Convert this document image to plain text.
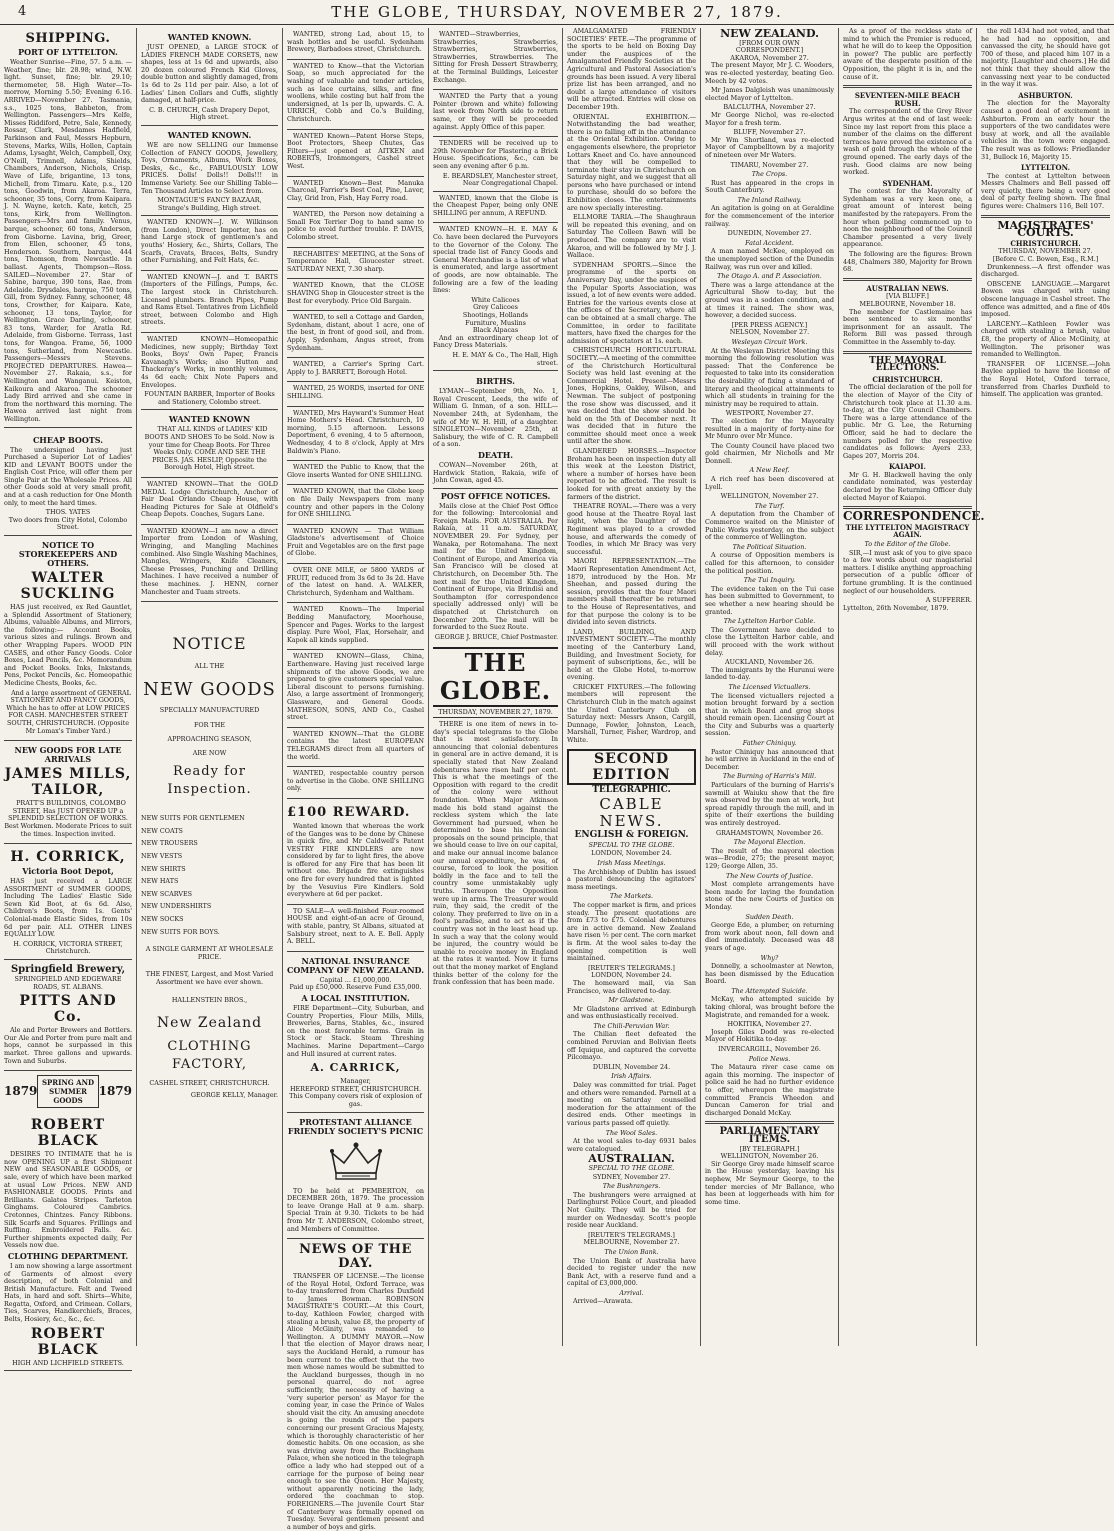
4	THE GLOBE, THURSDAY, NOVEMBER 27, 1879.
SHIPPING.
PORT OF LYTTELTON.

Weather Sunrise—Fine, 57. 5 a.m. —Weather, fine; blr. 28.98; wind, N.W. light. Sunset, fine; blr. 29.10; thermometer, 58. High Water—To-morrow, Morning 5.50; Evening 6.16. ARRIVED—November 27. Tasmania, s.s., 1025 tons, Babbeton, from Wellington. Passengers—Mrs Kelfe, Misses Riddiford, Petre, Sale, Kennedy, Rossar, Clark, Mesdames Hadfield, Parkinson and Faul, Messrs Hepburn, Stevens, Marks, Wills, Hollen, Captain Adams, Lysaght, Welch, Campbell, Oxy, O'Neill, Trimnell, Adams, Shields, Chambers, Anderson, Nichols, Crisp. Wave of Life, brigantine, 13 tons, Michell, from Timaru. Kate, p.s., 120 tons, Goodwin, from Akaroa. Terra, schooner, 35 tons, Corry, from Kaipara. J. N. Wayne, ketch. Kate, ketch, 25 tons, Kirk, from Wellington. Passengers—Mrs and family. Venus, barque, schooner, 60 tons, Anderson, from Gisborne. Lavina, brig, Greer, from Ellen, schooner, 45 tons, Henderson. Southern, barque, 444 tons, Thomson, from Newcastle. In ballast. Agents, Thompson—Ross. SAILED—November 27. Star of Sabine, barque, 390 tons, Rae, from Adelaide. Drysdales, barque, 750 tons, Gill, from Sydney. Fanny, schooner, 48 tons, Crowther, for Kaipara. Kate, schooner, 13 tons, Taylor, for Wellington. Grace Darling, schooner, 83 tons, Warder, for Aratla Rd. Adelaide, from Gisborne. Terrass, 1ast tons, for Wangoa. Frame, 56, 1000 tons, Sutherland, from Newcastle. Passengers—Messrs Stevens. PROJECTED DEPARTURES. Hawea—November 27. Rakaia, s.s., for Wellington and Wanganui. Keiston, Kaikoura and Akaroa. The schooner Lady Bird arrived and she came in from the northward this morning. The Hawea arrived last night from Wellington.

CHEAP BOOTS.

The undersigned having just Purchased a Superior Lot of Ladies' KID and LEVANT BOOTS under the English Cost Price, will offer them per Single Pair at the Wholesale Prices. All other Goods sold at very small profit, and at a cash reduction for One Month only, to meet the hard times.

THOS. YATES
Two doors from City Hotel, Colombo Street.
NOTICE TO STOREKEEPERS AND OTHERS.
WALTER SUCKLING

HAS just received, ex Red Gauntlet, a Splendid Assortment of Stationery, Albums, valuable Albums, and Mirrors, the following:— Account Books, various sizes and rulings. Brown and other Wrapping Papers. WOOD PIN CASES, and other Fancy Goods. Color Boxes, Lead Pencils, &c. Memorandum and Pocket Books. Inks, Inkstands, Pens, Pocket Pencils, &c. Homeopathic Medicine Chests, Books, &c.

And a large assortment of GENERAL STATIONERY AND FANCY GOODS, Which he has to offer at LOW PRICES FOR CASH. MANCHESTER STREET SOUTH, CHRISTCHURCH. (Opposite Mr Lomax's Timber Yard.)

NEW GOODS FOR LATE ARRIVALS
JAMES MILLS, TAILOR,

PRATT'S BUILDINGS, COLOMBO STREET, Has JUST OPENED UP a SPLENDID SELECTION OF WORKS. Best Workmen. Moderate Prices to suit the times. Inspection invited.

H. CORRICK,
Victoria Boot Depot,

HAS just received a LARGE ASSORTMENT of SUMMER GOODS, Including The Ladies' Elastic Side Sewn Kid Boot, at 6s 6d. Also, Children's Boots, from 1s. Gents' Colonial-made Elastic Sides, from 10s 6d per pair. ALL OTHER LINES EQUALLY LOW.

H. CORRICK, VICTORIA STREET, Christchurch.
Springfield Brewery,
SPRINGFIELD AND EDGEWARE ROADS, ST. ALBANS.
PITTS AND Co.

Ale and Porter Brewers and Bottlers. Our Ale and Porter from pure malt and hops, cannot be surpassed in this market. Three gallons and upwards. Town and Suburbs.

1879
SPRING AND SUMMER GOODS
1879
ROBERT BLACK

DESIRES TO INTIMATE that he is now OPENING UP a first Shipment NEW and SEASONABLE GOODS, or sale, every of which have been marked at usual Low Prices. NEW AND FASHIONABLE GOODS. Prints and Brilliants. Galatea Stripes. Tarleton Ginghams. Coloured Cambrics. Cretonnes, Chintzes. Fancy Ribbons. Silk Scarfs and Squares. Frillings and Ruffling. Embroidered Falls. &c. Further shipments expected daily, Per Vessels now due.

CLOTHING DEPARTMENT.

I am now showing a large assortment of Garments of almost every description, of both Colonial and British Manufacture. Felt and Tweed Hats, in hard and soft. Shirts—White, Regatta, Oxford, and Crimean. Collars, Ties, Scarves, Handkerchiefs, Braces, Belts, Hosiery, &c., &c., &c.

ROBERT BLACK
HIGH AND LICHFIELD STREETS.
WANTED KNOWN.

JUST OPENED, a LARGE STOCK of LADIES FRENCH MADE CORSETS, new shapes, less at 1s 6d and upwards, also 20 dozen coloured French Kid Gloves, double button and slightly damaged, from 1s 6d to 2s 11d per pair. Also, a lot of Ladies' Linen Collars and Cuffs, slightly damaged, at half-price.

C. B. CHURCH, Cash Drapery Depot, High street.
WANTED KNOWN.

WE are now SELLING our Immense Collection of FANCY GOODS, Jewellery, Toys, Ornaments, Albums, Work Boxes, Desks, &c., &c., FABULOUSLY LOW PRICES. Dolls! Dolls!! Dolls!!! in Immense Variety. See our Shilling Table—Ten Thousand Articles to Select from.

MONTAGUE'S FANCY BAZAAR, Strange's Building, High street.

WANTED KNOWN—J. W. Wilkinson (from London), Direct Importer, has on hand Large stock of gentlemen's and youths' Hosiery, &c., Shirts, Collars, The Scarfs, Cravats, Braces, Belts, Sundry other Furnishing, and Felt Hats, &c.

WANTED KNOWN—J. and T. BARTS (Importers of the Fillings, Pumps, &c. The largest stock in Christchurch. Licensed plumbers. Branch Pipes, Pump and Rams Etsel. Tentatives from Lichfield street, between Colombo and High streets.

WANTED KNOWN—Homeopathic Medicines, new supply; Birthday Text Books, Boys' Own Paper, Francis Kavanagh's Works; also Hutton and Thackeray's Works, in monthly volumes, 4s 6d each; Chix Note Papers and Envelopes.

FOUNTAIN BARBER, Importer of Books and Stationery, Colombo street.
WANTED KNOWN

THAT ALL KINDS of LADIES' KID BOOTS AND SHOES To be Sold. Now is your time for Cheap Boots. For Three Weeks Only. COME AND SEE THE PRICES. JAS. HESLIP, Opposite the Borough Hotel, High street.

WANTED KNOWN—That the GOLD MEDAL Lodge Christchurch, Anchor of Fair Deal Orlando Cheap House, with Heading Pictures for Sale at Oldfield's Cheap Depots. Coaches, Sugars Lane.

WANTED KNOWN—I am now a direct Importer from London of Washing, Wringing, and Mangling Machines combined. Also Single Washing Machines, Mangles, Wringers, Knife Cleaners, Cheese Presses, Punching and Drilling Machines. I have received a number of these machines. J. HENN, corner Manchester and Tuam streets.

NOTICE
ALL THE
NEW GOODS
SPECIALLY MANUFACTURED
FOR THE
APPROACHING SEASON,
ARE NOW
Ready for Inspection.
NEW SUITS FOR GENTLEMEN
NEW COATS
NEW TROUSERS
NEW VESTS
NEW SHIRTS
NEW HATS
NEW SCARVES
NEW UNDERSHIRTS
NEW SOCKS
NEW SUITS FOR BOYS.
A SINGLE GARMENT AT WHOLESALE PRICE.
THE FINEST, Largest, and Most Varied Assortment we have ever shown.
HALLENSTEIN BROS.,
New Zealand
CLOTHING FACTORY,
CASHEL STREET, CHRISTCHURCH.
GEORGE KELLY, Manager.

WANTED, strong Lad, about 15, to wash bottles and be useful. Sydenham Brewery, Barbadoes street, Christchurch.

WANTED to Know—that the Victorian Soap, so much appreciated for the washing of valuable and tender articles, such as lace curtains, silks, and fine woollens, while costing but half from the undersigned, at 1s per lb, upwards. C. A. URRICH, Cobb and Co.'s Building, Christchurch.

WANTED Known—Patent Horse Steps, Boot Protectors, Sheep Chutes, Gas Filters—just opened at AITKEN and ROBERTS, Ironmongers, Cashel street West.

WANTED Known—Best Manuka Charcoal, Farrier's Best Coal, Pine, Laver, Clay, Grid Iron, Fish, Hay Ferry road.

WANTED, the Person now detaining a Small Fox Terrier Dog to hand same to police to avoid further trouble. P. DAVIS, Colombo street.

RECHABITES' MEETING, at the Sons of Temperance Hall, Gloucester street. SATURDAY NEXT, 7.30 sharp.

WANTED Known, that the CLOSE SHAVING Shop in Gloucester street is the Best for everybody. Price Old Bargain.

WANTED, to sell a Cottage and Garden, Sydenham, distant, about 1 acre, one of the best, in front of good soil, and from. Apply, Sydenham, Angus street, from Sydenham.

WANTED, a Carrier's Spring Cart. Apply to J. BARRETT, Borough Hotel.

WANTED, 25 WORDS, inserted for ONE SHILLING.

WANTED, Mrs Hayward's Summer Heat Home Mothers's Head. Christchurch, 10 morning, 5.15 afternoon. Lessons Deportment, 6 evening, 4 to 5 afternoon, Wednesday, 4 to 8 o'clock, Apply at Mrs Baldwin's Piano.

WANTED the Public to Know, that the Glove inserts Wanted for ONE SHILLING.

WANTED KNOWN, that the Globe keep on file Daily Newspapers from many country and other papers in the Colony for ONE SHILLING.

WANTED KNOWN — That William Gladstone's advertisement of Choice Fruit and Vegetables are on the first page of Globe.

OVER ONE MILE, or 5800 YARDS of FRUIT, reduced from 3s 6d to 3s 2d. Have of the latest on hand. A. WALKER, Christchurch, Sydenham and Waltham.

WANTED Known—The Imperial Bedding Manufactory, Moorhouse, Spencer and Pages. Works to the largest display. Pure Wool, Flax, Horsehair, and Kapok all kinds supplied.

WANTED KNOWN—Glass, China, Earthenware. Having just received large shipments of the above Goods, we are prepared to give customers special value. Liberal discount to persons furnishing. Also, a large assortment of Ironmongery, Glassware, and General Goods. MATHESON, SONS, AND Co., Cashel street.

WANTED KNOWN—That the GLOBE contains the latest EUROPEAN TELEGRAMS direct from all quarters of the world.

WANTED, respectable country person to advertise in the Globe. ONE SHILLING only.

£100 REWARD.

Wanted known that whereas the work of the Ganges was to be done by Chinese in quick fire, and Mr Caldwell's Patent VESTRY FIRE KINDLERS are now considered by far to light fires, the above is offered for any Fire that has been lit without one. Brigade fire extinguishes one fire for every hundred that is lighted by the Vesuvius Fire Kindlers. Sold everywhere at 6d per packet.

TO SALE—A well-finished Four-roomed HOUSE and eight-of-an acre of Ground, with stable, pantry, St Albans, situated at Salsbury street, next to A. E. Bell. Apply A. BELL.

NATIONAL INSURANCE COMPANY OF NEW ZEALAND.
Capital ... £1,000,000.
Paid up £50,000. Reserve Fund £35,000.
A LOCAL INSTITUTION.

FIRE Department—City, Suburban, and Country Properties, Flour Mills, Mills, Breweries, Barns, Stables, &c., insured on the most favorable terms. Grain in Stock or Stack. Steam Threshing Machines. Marine Department—Cargo and Hull insured at current rates.

A. CARRICK,
Manager,
HEREFORD STREET, CHRISTCHURCH.
This Company covers risk of explosion of gas.
PROTESTANT ALLIANCE FRIENDLY SOCIETY'S PICNIC

TO be held at PEMBERTON, on DECEMBER 26th, 1879. The procession to leave Orange Hall at 9 a.m. sharp. Special Train at 9.30. Tickets to be had from Mr T. ANDERSON, Colombo street, and Members of Committee.

NEWS OF THE DAY.

TRANSFER OF LICENSE.—The license of the Royal Hotel, Oxford Terrace, was to-day transferred from Charles Duxfield to James Bowman. ROBINSON MAGISTRATE'S COURT.—At this Court, to-day, Kathleen Fowler, charged with stealing a brush, value £8, the property of Alice McGinity, was remanded to Wellington. A DUMMY MAYOR.—Now that the election of Mayor draws near, says the Auckland Herald, a rumour has been current to the effect that the two men whose names would be submitted to the Auckland burgesses, though in no personal quarrel, do not agree sufficiently, the necessity of having a 'very superior person' as Mayor for the coming year, in case the Prince of Wales should visit the city. An amusing anecdote is going the rounds of the papers concerning our present Gracious Majesty, which is thoroughly characteristic of her domestic habits. On one occasion, as she was driving away from the Buckingham Palace, when she noticed in the telegraph office a lady who had stepped out of a carriage for the purpose of being near enough to see the Queen. Her Majesty, without apparently noticing the lady, ordered the coachman to stop. FOREIGNERS.—The juvenile Court Star of Canterbury was formally opened on Tuesday. Several gentlemen present and a number of boys and girls.

WANTED—Strawberries, Strawberries, Strawberries, Strawberries, Strawberries, Strawberries, Strawberries. The Sitting for Fresh Dessert Strawberry, at the Terminal Buildings, Leicester Exchange.

WANTED the Party that a young Pointer (brown and white) following last week from North side to return same, or they will be proceeded against. Apply Office of this paper.

TENDERS will be received up to 29th November for Plastering a Brick House. Specifications, &c., can be seen any evening after 6 p.m.

E. BEARDSLEY, Manchester street, Near Congregational Chapel.

WANTED, known that the Globe is the Cheapest Paper, being only ONE SHILLING per annum, A REFUND.

WANTED KNOWN—H. E. MAY & Co. have been declared the Purveyors to the Governor of the Colony. The special trade list of Fancy Goods and General Merchandise is a list of what is enumerated, and large assortment of goods, are now obtainable. The following are a few of the leading lines:

White Calicoes
Grey Calicoes
Shootings, Hollands
Furniture, Muslins
Black Alpacas

And an extraordinary cheap lot of Fancy Dress Materials.

H. E. MAY & Co., The Hall, High street.
BIRTHS.

LYMAN—September 9th, No. 1, Royal Crescent, Leeds, the wife of William G. Inman, of a son. HILL—November 24th, at Sydenham, the wife of Mr W. H. Hill, of a daughter. SINGLETON—November 25th, at Salisbury, the wife of C. R. Campbell of a son.

DEATH.

COWAN—November 26th, at Hardwick Station, Rakaia, wife of John Cowan, aged 45.

POST OFFICE NOTICES.

Mails close at the Chief Post Office for the following: Intercolonial and Foreign Mails. FOR AUSTRALIA. Per Rakaia, at 11 a.m. SATURDAY, NOVEMBER 29. For Sydney, per Wanaka, per Rotomahana. The next mail for the United Kingdom, Continent of Europe, and America via San Francisco will be closed at Christchurch, on December 5th. The next mail for the United Kingdom, Continent of Europe, via Brindisi and Southampton (for correspondence specially addressed only) will be dispatched at Christchurch on December 20th. The mail will be forwarded to the Suez Route.

GEORGE J. BRUCE, Chief Postmaster.
THE GLOBE.
THURSDAY, NOVEMBER 27, 1879.

THERE is one item of news in to-day's special telegrams to the Globe that is most satisfactory. In announcing that colonial debentures in general are in active demand, it is specially stated that New Zealand debentures have risen half per cent. This is what the meetings of the Opposition with regard to the credit of the colony were without foundation. When Major Atkinson made his bold stand against the reckless system which the late Government had pursued, when he determined to base his financial proposals on the sound principle, that we should cease to live on our capital, and make our annual income balance our annual expenditure, he was, of course, forced to look the position boldly in the face and to tell the country some unmistakably ugly truths. Thereupon the Opposition were up in arms. The Treasurer would ruin, they said, the credit of the colony. They preferred to live on in a fool's paradise, and to act as if the country was not in the least head up. In such a way that the colony would be injured, the country would be unable to receive money in England at the rates it wanted. Now it turns out that the money market of England thinks better of the colony for the frank confession that has been made.

AMALGAMATED FRIENDLY SOCIETIES' FETE.—The programme of the sports to be held on Boxing Day under the auspices of the Amalgamated Friendly Societies at the Agricultural and Pastoral Association's grounds has been issued. A very liberal prize list has been arranged, and no doubt a large attendance of visitors will be attracted. Entries will close on December 19th.

ORIENTAL EXHIBITION.—Notwithstanding the bad weather, there is no falling off in the attendance at the Oriental Exhibition. Owing to engagements elsewhere, the proprietor Lottars Kneet and Co. have announced that they will be compelled to terminate their stay in Christchurch on Saturday night, and we suggest that all persons who have purchased or intend to purchase, should do so before the Exhibition closes. The entertainments are now specially interesting.

ELLMORE TARIA.—The Shaughraun will be repeated this evening, and on Saturday The Colleen Bawn will be produced. The company are to visit Akaroa, and will be followed by Mr J. J. Wallace.

SYDENHAM SPORTS.—Since the programme of the sports on Anniversary Day, under the auspices of the Popular Sports Association, was issued, a lot of new events were added. Entries for the various events close at the offices of the Secretary, where all can be obtained at a small charge. The Committee, in order to facilitate matters, have fixed the charges for the admission of spectators at 1s. each.

CHRISTCHURCH HORTICULTURAL SOCIETY.—A meeting of the committee of the Christchurch Horticultural Society was held last evening at the Commercial Hotel. Present—Messrs Jones, Hopkins, Oakley, Wilson, and Newman. The subject of postponing the rose show was discussed, and it was decided that the show should be held on the 5th of December next. It was decided that in future the committee should meet once a week until after the show.

GLANDERED HORSES.—Inspector Broham has been on inspection duty all this week at the Leeston District, where a number of horses have been reported to be affected. The result is looked for with great anxiety by the farmers of the district.

THEATRE ROYAL.—There was a very good house at the Theatre Royal last night, when the Daughter of the Regiment was played to a crowded house, and afterwards the comedy of Toodles, in which Mr Bracy was very successful.

MAORI REPRESENTATION.—The Maori Representation Amendment Act, 1879, introduced by the Hon. Mr Sheehan, and passed during the session, provides that the four Maori members shall thereafter be returned to the House of Representatives, and for that purpose the colony is to be divided into seven districts.

LAND, BUILDING, AND INVESTMENT SOCIETY.—The monthly meeting of the Canterbury Land, Building, and Investment Society, for payment of subscriptions, &c., will be held at the Globe Hotel, to-morrow evening.

CRICKET FIXTURES.—The following members will represent the Christchurch Club in the match against the United Canterbury Club on Saturday next: Messrs Anson, Cargill, Dunnage, Fowler, Johnston, Leach, Marshall, Turner, Fisher, Wardrop, and White.

SECOND EDITION
TELEGRAPHIC.
CABLE NEWS.
ENGLISH & FOREIGN.
SPECIAL TO THE GLOBE.
LONDON, November 24.
Irish Mass Meetings.

The Archbishop of Dublin has issued a pastoral denouncing the agitators' mass meetings.

The Markets.

The copper market is firm, and prices steady. The present quotations are from £73 to £75. Colonial debentures are in active demand. New Zealand have risen ½ per cent. The corn market is firm. At the wool sales to-day the opening competition is well maintained.

[REUTER'S TELEGRAMS.]
LONDON, November 24.

The homeward mail, via San Francisco, was delivered to-day.

Mr Gladstone.

Mr Gladstone arrived at Edinburgh and was enthusiastically received.

The Chili-Peruvian War.

The Chilian fleet defeated the combined Peruvian and Bolivian fleets off Iquique, and captured the corvette Pilcomayo.

DUBLIN, November 24.
Irish Affairs.

Daley was committed for trial. Paget and others were remanded. Parnell at a meeting on Saturday counselled moderation for the attainment of the desired ends. Other meetings in various parts passed off quietly.

The Wool Sales.

At the wool sales to-day 6931 bales were catalogued.

AUSTRALIAN.
SPECIAL TO THE GLOBE.
SYDNEY, November 27.
The Bushrangers.

The bushrangers were arraigned at Darlinghurst Police Court, and pleaded Not Guilty. They will be tried for murder on Wednesday. Scott's people reside near Auckland.

[REUTER'S TELEGRAMS.]
MELBOURNE, November 27.
The Union Bank.

The Union Bank of Australia have decided to register under the new Bank Act, with a reserve fund and a capital of £3,000,000.

Arrival.

Arrived—Arawata.

NEW ZEALAND.
[FROM OUR OWN CORRESPONDENT.]
AKAROA, November 27.

The present Mayor, Mr J. C. Wooders, was re-elected yesterday, beating Geo. Meech by 42 votes.

Mr James Dalgleish was unanimously elected Mayor of Lyttelton.

BALCLUTHA, November 27.

Mr George Nichol, was re-elected Mayor for a fresh term.

BLUFF, November 27.

Mr Wm Shortland, was re-elected Mayor of Campbelltown by a majority of nineteen over Mr Waters.

TIMARU, November 27.
The Crops.

Rust has appeared in the crops in South Canterbury.

The Inland Railway.

An agitation is going on at Geraldine for the commencement of the interior railway.

DUNEDIN, November 27.
Fatal Accident.

A man named McKee, employed on the unemployed section of the Dunedin Railway, was run over and killed.

The Otago A. and P. Association.

There was a large attendance at the Agricultural Show to-day, but the ground was in a sodden condition, and at times it rained. The show was, however, a decided success.

[PER PRESS AGENCY.]
NELSON, November 27.
Wesleyan Circuit Work.

At the Wesleyan District Meeting this morning the following resolution was passed: That the Conference be requested to take into its consideration the desirability of fixing a standard of literary and theological attainments to which all students in training for the ministry may be required to attain.

WESTPORT, November 27.

The election for the Mayoralty resulted in a majority of forty-nine for Mr Munro over Mr Munce.

The County Council have placed two gold chairmen, Mr Nicholls and Mr Donnell.

A New Reef.

A rich reef has been discovered at Lyell.

WELLINGTON, November 27.
The Turf.

A deputation from the Chamber of Commerce waited on the Minister of Public Works yesterday, on the subject of the commerce of Wellington.

The Political Situation.

A course of Opposition members is called for this afternoon, to consider the political position.

The Tui Inquiry.

The evidence taken on the Tui case has been submitted to Government, to see whether a new hearing should be granted.

The Lyttelton Harbor Cable.

The Government have decided to close the Lyttelton Harbor cable, and will proceed with the work without delay.

AUCKLAND, November 26.

The immigrants by the Hurunui were landed to-day.

The Licensed Victuallers.

The licensed victuallers rejected a motion brought forward by a section that in which Board and grog shops should remain open. Licensing Court at the City and Suburbs was a quarterly session.

Father Chiniquy.

Pastor Chiniquy has announced that he will arrive in Auckland in the end of December.

The Burning of Harris's Mill.

Particulars of the burning of Harris's sawmill at Waiuku show that the fire was observed by the men at work, but spread rapidly through the mill, and in spite of their exertions the building was entirely destroyed.

GRAHAMSTOWN, November 26.
The Mayoral Election.

The result of the mayoral election was—Brodie, 275; the present mayor, 129; George Allen, 35.

The New Courts of Justice.

Most complete arrangements have been made for laying the foundation stone of the new Courts of Justice on Monday.

Sudden Death.

George Ede, a plumber, on returning from work about noon, fell down and died immediately. Deceased was 48 years of age.

Why?

Donnelly, a schoolmaster at Newton, has been dismissed by the Education Board.

The Attempted Suicide.

McKay, who attempted suicide by taking chloral, was brought before the Magistrate, and remanded for a week.

HOKITIKA, November 27.

Joseph Giles Dodd was re-elected Mayor of Hokitika to-day.

INVERCARGILL, November 26.
Police News.

The Mataura river case came on again this morning. The inspector of police said he had no further evidence to offer, whereupon the magistrate committed Francis Wheedon and Duncan Cameron for trial and discharged Donald McKay.

PARLIAMENTARY ITEMS.
[BY TELEGRAPH.]
WELLINGTON, November 26.

Sir George Grey made himself scarce in the House yesterday, leaving his nephew, Mr Seymour George, to the tender mercies of Mr Ballance, who has been at loggerheads with him for some time.

As a proof of the reckless state of mind to which the Premier is reduced, what he will do to keep the Opposition in power? The public are perfectly aware of the desperate position of the Opposition, the plight it is in, and the cause of it.

SEVENTEEN-MILE BEACH RUSH.

The correspondent of the Grey River Argus writes at the end of last week: Since my last report from this place a number of the claims on the different terraces have proved the existence of a wash of gold through the whole of the ground opened. The early days of the rush. Good claims are now being worked.

SYDENHAM.

The contest for the Mayoralty of Sydenham was a very keen one, a great amount of interest being manifested by the ratepayers. From the hour when polling commenced up to noon the neighbourhood of the Council Chamber presented a very lively appearance.

The following are the figures: Brown 448, Chalmers 380, Majority for Brown 68.

AUSTRALIAN NEWS.
[VIA BLUFF.]
MELBOURNE, November 18.

The member for Castlemaine has been sentenced to six months' imprisonment for an assault. The Reform Bill was passed through Committee in the Assembly to-day.

THE MAYORAL ELECTIONS.
CHRISTCHURCH.

The official declaration of the poll for the election of Mayor of the City of Christchurch took place at 11.30 a.m. to-day, at the City Council Chambers. There was a large attendance of the public. Mr G. Lee, the Returning Officer, said he had to declare the numbers polled for the respective candidates as follows: Ayers 233, Gapes 207, Morris 204.

KAIAPOI.

Mr G. H. Blackwell having the only candidate nominated, was yesterday declared by the Returning Officer duly elected Mayor of Kaiapoi.

CORRESPONDENCE.
THE LYTTELTON MAGISTRACY AGAIN.
To the Editor of the Globe.

SIR,—I must ask of you to give space to a few words about our magisterial matters. I dislike anything approaching persecution of a public officer of fortune grumbling. It is the continued neglect of our householders.

A SUFFERER.
Lyttelton, 26th November, 1879.

the roll 1434 had not voted, and that he had had no opposition, and canvassed the city, he should have got 700 of these, and placed him 107 in a majority. [Laughter and cheers.] He did not think that they should allow the canvassing next year to be conducted in the way it was.

ASHBURTON.

The election for the Mayoralty caused a good deal of excitement in Ashburton. From an early hour the supporters of the two candidates were busy at work, and all the available vehicles in the town were engaged. The result was as follows: Friedlander 31, Bullock 16, Majority 15.

LYTTELTON.

The contest at Lyttelton between Messrs Chalmers and Bell passed off very quietly, there being a very good deal of party feeling shown. The final figures were: Chalmers 116, Bell 107.

MAGISTRATES' COURTS.
CHRISTCHURCH.
THURSDAY, NOVEMBER 27.
[Before C. C. Bowen, Esq., R.M.]

Drunkenness.—A first offender was discharged.

OBSCENE LANGUAGE.—Margaret Bowen was charged with using obscene language in Cashel street. The offence was admitted, and a fine of 40s imposed.

LARCENY.—Kathleen Fowler was charged with stealing a brush, value £8, the property of Alice McGinity, at Wellington. The prisoner was remanded to Wellington.

TRANSFER OF LICENSE.—John Baylee applied to have the license of the Royal Hotel, Oxford terrace, transferred from Charles Duxfield to himself. The application was granted.
